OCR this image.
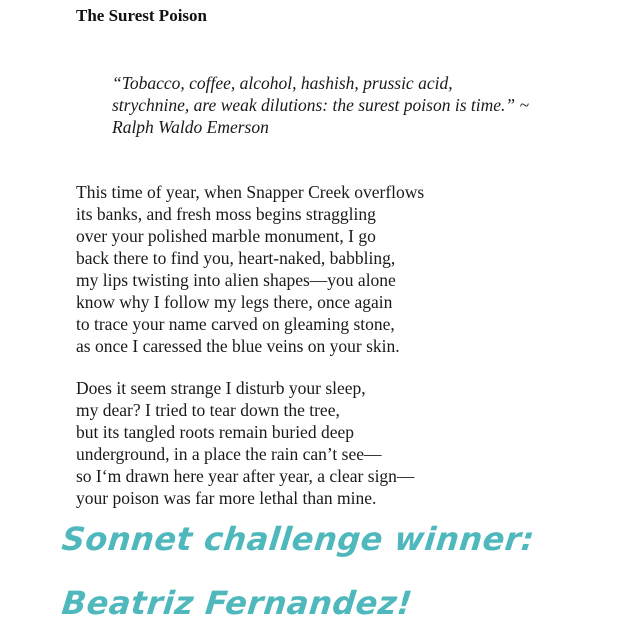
The Surest Poison
“Tobacco, coffee, alcohol, hashish, prussic acid,
strychnine, are weak dilutions: the surest poison is time.” ~
Ralph Waldo Emerson
This time of year, when Snapper Creek overflows
its banks, and fresh moss begins straggling
over your polished marble monument, I go
back there to find you, heart-naked, babbling,
my lips twisting into alien shapes—you alone
know why I follow my legs there, once again
to trace your name carved on gleaming stone,
as once I caressed the blue veins on your skin.
Does it seem strange I disturb your sleep,
my dear? I tried to tear down the tree,
but its tangled roots remain buried deep
underground, in a place the rain can’t see—
so I‘m drawn here year after year, a clear sign—
your poison was far more lethal than mine.
Sonnet challenge winner:
Beatriz Fernandez!
